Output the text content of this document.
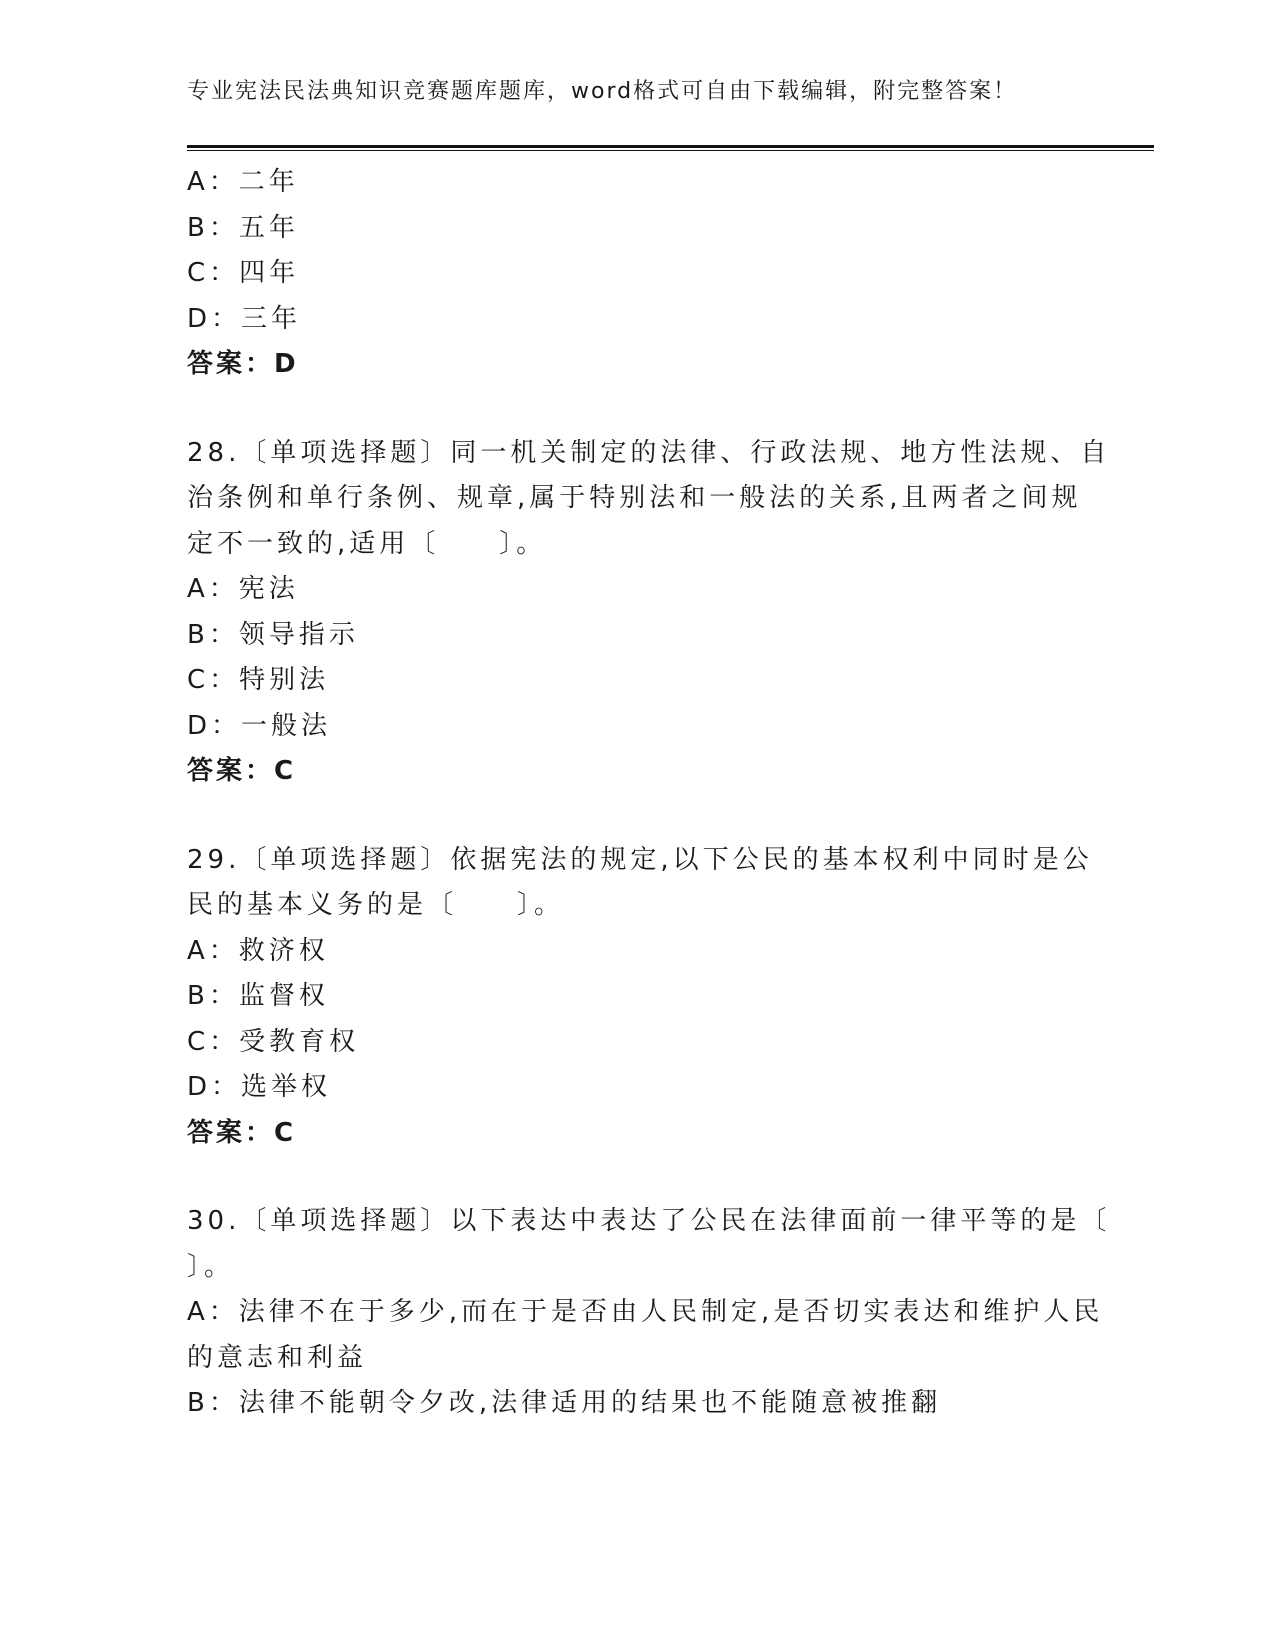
专业宪法民法典知识竞赛题库题库，word格式可自由下载编辑，附完整答案！
A：二年
B：五年
C：四年
D：三年
答案：D
28.〔单项选择题〕同一机关制定的法律、行政法规、地方性法规、自
治条例和单行条例、规章,属于特别法和一般法的关系,且两者之间规
定不一致的,适用〔　　〕。
A：宪法
B：领导指示
C：特别法
D：一般法
答案：C
29.〔单项选择题〕依据宪法的规定,以下公民的基本权利中同时是公
民的基本义务的是〔　　〕。
A：救济权
B：监督权
C：受教育权
D：选举权
答案：C
30.〔单项选择题〕以下表达中表达了公民在法律面前一律平等的是〔
〕。
A：法律不在于多少,而在于是否由人民制定,是否切实表达和维护人民
的意志和利益
B：法律不能朝令夕改,法律适用的结果也不能随意被推翻
